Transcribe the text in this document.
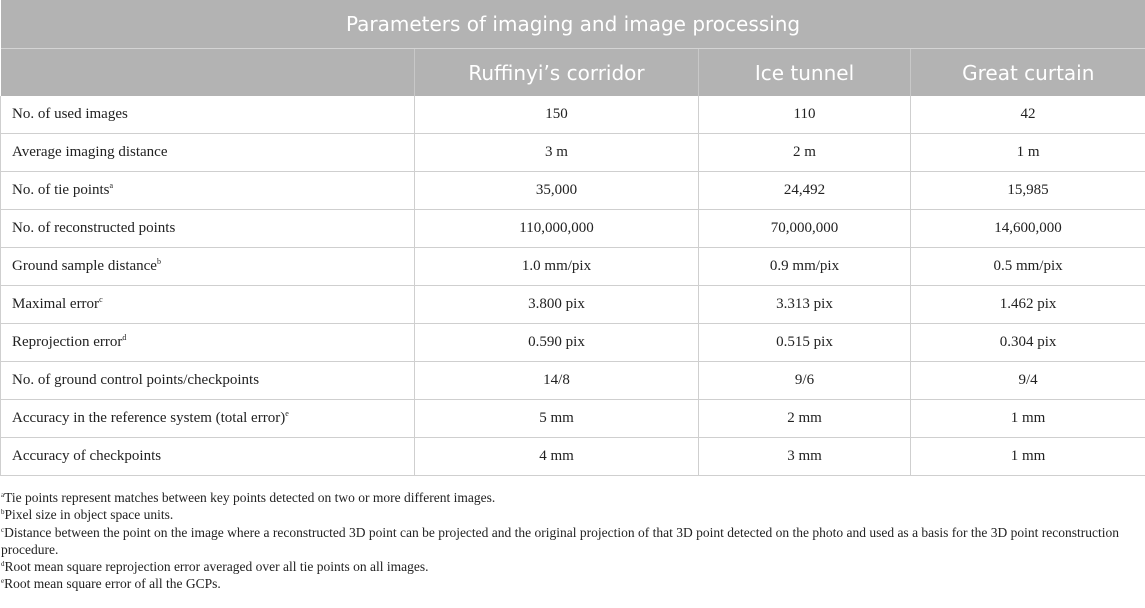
Parameters of imaging and image processing			
	Ruffinyi’s corridor	Ice tunnel	Great curtain
No. of used images	150	110	42
Average imaging distance	3 m	2 m	1 m
No. of tie points$^a$	35,000	24,492	15,985
No. of reconstructed points	110,000,000	70,000,000	14,600,000
Ground sample distance$^b$	1.0 mm/pix	0.9 mm/pix	0.5 mm/pix
Maximal error$^c$	3.800 pix	3.313 pix	1.462 pix
Reprojection error$^d$	0.590 pix	0.515 pix	0.304 pix
No. of ground control points/checkpoints	14/8	9/6	9/4
Accuracy in the reference system (total error)$^e$	5 mm	2 mm	1 mm
Accuracy of checkpoints	4 mm	3 mm	1 mm
$^a$Tie points represent matches between key points detected on two or more different images.
$^b$Pixel size in object space units.
$^c$Distance between the point on the image where a reconstructed 3D point can be projected and the original projection of that 3D point detected on the photo and used as a basis for the 3D point reconstruction procedure.
$^d$Root mean square reprojection error averaged over all tie points on all images.
$^e$Root mean square error of all the GCPs.
